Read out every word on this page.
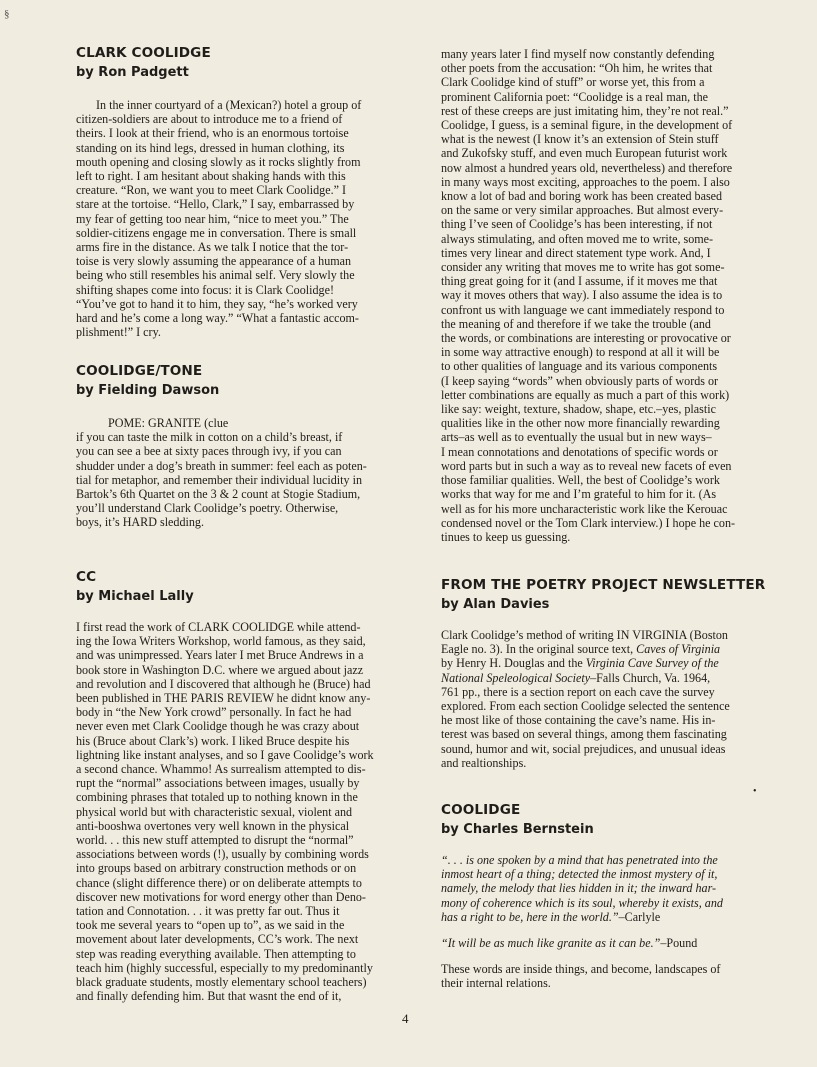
§
CLARK COOLIDGE
by Ron Padgett

In the inner courtyard of a (Mexican?) hotel a group of
citizen-soldiers are about to introduce me to a friend of
theirs. I look at their friend, who is an enormous tortoise
standing on its hind legs, dressed in human clothing, its
mouth opening and closing slowly as it rocks slightly from
left to right. I am hesitant about shaking hands with this
creature. “Ron, we want you to meet Clark Coolidge.” I
stare at the tortoise. “Hello, Clark,” I say, embarrassed by
my fear of getting too near him, “nice to meet you.” The
soldier-citizens engage me in conversation. There is small
arms fire in the distance. As we talk I notice that the tor-
toise is very slowly assuming the appearance of a human
being who still resembles his animal self. Very slowly the
shifting shapes come into focus: it is Clark Coolidge!
“You’ve got to hand it to him, they say, “he’s worked very
hard and he’s come a long way.” “What a fantastic accom-
plishment!” I cry.

COOLIDGE/TONE
by Fielding Dawson

POME: GRANITE (clue

if you can taste the milk in cotton on a child’s breast, if
you can see a bee at sixty paces through ivy, if you can
shudder under a dog’s breath in summer: feel each as poten-
tial for metaphor, and remember their individual lucidity in
Bartok’s 6th Quartet on the 3 & 2 count at Stogie Stadium,
you’ll understand Clark Coolidge’s poetry. Otherwise,
boys, it’s HARD sledding.

CC
by Michael Lally

I first read the work of CLARK COOLIDGE while attend-
ing the Iowa Writers Workshop, world famous, as they said,
and was unimpressed. Years later I met Bruce Andrews in a
book store in Washington D.C. where we argued about jazz
and revolution and I discovered that although he (Bruce) had
been published in THE PARIS REVIEW he didnt know any-
body in “the New York crowd” personally. In fact he had
never even met Clark Coolidge though he was crazy about
his (Bruce about Clark’s) work. I liked Bruce despite his
lightning like instant analyses, and so I gave Coolidge’s work
a second chance. Whammo! As surrealism attempted to dis-
rupt the “normal” associations between images, usually by
combining phrases that totaled up to nothing known in the
physical world but with characteristic sexual, violent and
anti-booshwa overtones very well known in the physical
world. . . this new stuff attempted to disrupt the “normal”
associations between words (!), usually by combining words
into groups based on arbitrary construction methods or on
chance (slight difference there) or on deliberate attempts to
discover new motivations for word energy other than Deno-
tation and Connotation. . . it was pretty far out. Thus it
took me several years to “open up to”, as we said in the
movement about later developments, CC’s work. The next
step was reading everything available. Then attempting to
teach him (highly successful, especially to my predominantly
black graduate students, mostly elementary school teachers)
and finally defending him. But that wasnt the end of it,

many years later I find myself now constantly defending
other poets from the accusation: “Oh him, he writes that
Clark Coolidge kind of stuff” or worse yet, this from a
prominent California poet: “Coolidge is a real man, the
rest of these creeps are just imitating him, they’re not real.”
Coolidge, I guess, is a seminal figure, in the development of
what is the newest (I know it’s an extension of Stein stuff
and Zukofsky stuff, and even much European futurist work
now almost a hundred years old, nevertheless) and therefore
in many ways most exciting, approaches to the poem. I also
know a lot of bad and boring work has been created based
on the same or very similar approaches. But almost every-
thing I’ve seen of Coolidge’s has been interesting, if not
always stimulating, and often moved me to write, some-
times very linear and direct statement type work. And, I
consider any writing that moves me to write has got some-
thing great going for it (and I assume, if it moves me that
way it moves others that way). I also assume the idea is to
confront us with language we cant immediately respond to
the meaning of and therefore if we take the trouble (and
the words, or combinations are interesting or provocative or
in some way attractive enough) to respond at all it will be
to other qualities of language and its various components
(I keep saying “words” when obviously parts of words or
letter combinations are equally as much a part of this work)
like say: weight, texture, shadow, shape, etc.–yes, plastic
qualities like in the other now more financially rewarding
arts–as well as to eventually the usual but in new ways–
I mean connotations and denotations of specific words or
word parts but in such a way as to reveal new facets of even
those familiar qualities. Well, the best of Coolidge’s work
works that way for me and I’m grateful to him for it. (As
well as for his more uncharacteristic work like the Kerouac
condensed novel or the Tom Clark interview.) I hope he con-
tinues to keep us guessing.

FROM THE POETRY PROJECT NEWSLETTER
by Alan Davies

Clark Coolidge’s method of writing IN VIRGINIA (Boston
Eagle no. 3). In the original source text, Caves of Virginia
by Henry H. Douglas and the Virginia Cave Survey of the
National Speleological Society–Falls Church, Va. 1964,
761 pp., there is a section report on each cave the survey
explored. From each section Coolidge selected the sentence
he most like of those containing the cave’s name. His in-
terest was based on several things, among them fascinating
sound, humor and wit, social prejudices, and unusual ideas
and realtionships.

•
COOLIDGE
by Charles Bernstein

“. . . is one spoken by a mind that has penetrated into the
inmost heart of a thing; detected the inmost mystery of it,
namely, the melody that lies hidden in it; the inward har-
mony of coherence which is its soul, whereby it exists, and
has a right to be, here in the world.”–Carlyle

“It will be as much like granite as it can be.”–Pound

These words are inside things, and become, landscapes of
their internal relations.

4
